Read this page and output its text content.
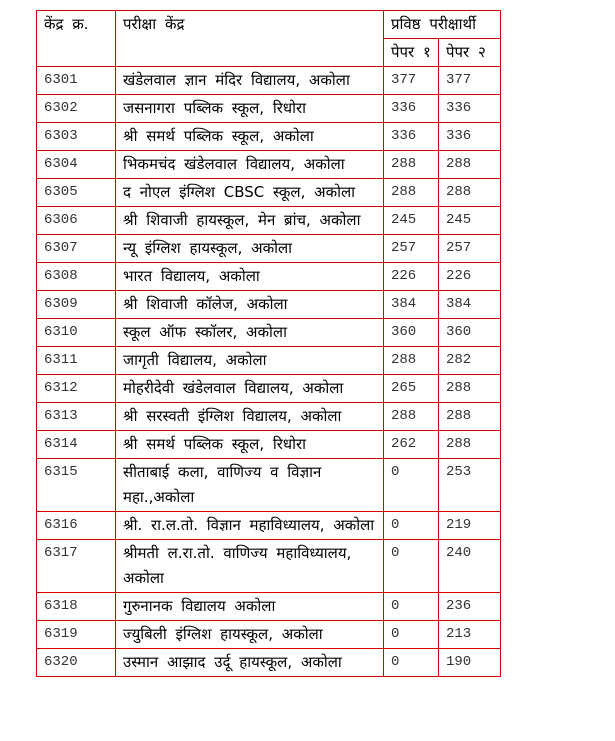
केंद्र क्र.	परीक्षा केंद्र	प्रविष्ठ परीक्षार्थी	
		पेपर १	पेपर २
6301	खंडेलवाल ज्ञान मंदिर विद्यालय, अकोला	377	377
6302	जसनागरा पब्लिक स्कूल, रिधोरा	336	336
6303	श्री समर्थ पब्लिक स्कूल, अकोला	336	336
6304	भिकमचंद खंडेलवाल विद्यालय, अकोला	288	288
6305	द नोएल इंग्लिश CBSC स्कूल, अकोला	288	288
6306	श्री शिवाजी हायस्कूल, मेन ब्रांच, अकोला	245	245
6307	न्यू इंग्लिश हायस्कूल, अकोला	257	257
6308	भारत विद्यालय, अकोला	226	226
6309	श्री शिवाजी कॉलेज, अकोला	384	384
6310	स्कूल ऑफ स्कॉलर, अकोला	360	360
6311	जागृती विद्यालय, अकोला	288	282
6312	मोहरीदेवी खंडेलवाल विद्यालय, अकोला	265	288
6313	श्री सरस्वती इंग्लिश विद्यालय, अकोला	288	288
6314	श्री समर्थ पब्लिक स्कूल, रिधोरा	262	288
6315	सीताबाई कला, वाणिज्य व विज्ञान महा.,अकोला	0	253
6316	श्री. रा.ल.तो. विज्ञान महाविध्यालय, अकोला	0	219
6317	श्रीमती ल.रा.तो. वाणिज्य महाविध्यालय, अकोला	0	240
6318	गुरुनानक विद्यालय अकोला	0	236
6319	ज्युबिली इंग्लिश हायस्कूल, अकोला	0	213
6320	उस्मान आझाद उर्दू हायस्कूल, अकोला	0	190
